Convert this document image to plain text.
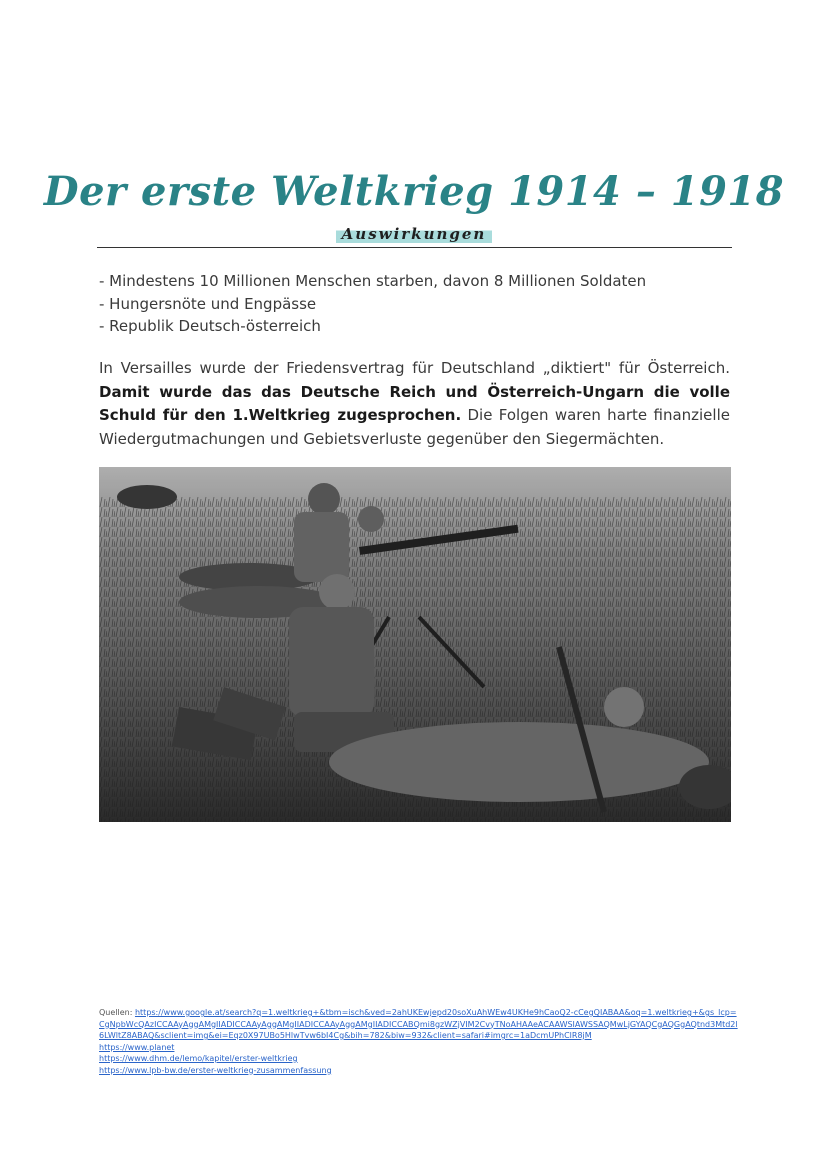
Der erste Weltkrieg 1914 – 1918
Auswirkungen
- Mindestens 10 Millionen Menschen starben, davon 8 Millionen Soldaten
- Hungersnöte und Engpässe
- Republik Deutsch-österreich

In Versailles wurde der Friedensvertrag für Deutschland „diktiert" für Österreich. Damit wurde das das Deutsche Reich und Österreich-Ungarn die volle Schuld für den 1.Weltkrieg zugesprochen. Die Folgen waren harte finanzielle Wiedergutmachungen und Gebietsverluste gegenüber den Siegermächten.

Quellen: https://www.google.at/search?q=1.weltkrieg+&tbm=isch&ved=2ahUKEwjepd20soXuAhWEw4UKHe9hCaoQ2-cCegQIABAA&oq=1.weltkrieg+&gs_lcp=CgNpbWcQAzICCAAyAggAMgIIADICCAAyAggAMgIIADICCAAyAggAMgIIADICCABQmi8gzWZjVIM2CvyTNoAHAAeACAAWSIAWSSAQMwLjGYAQCgAQGgAQtnd3Mtd2l6LWltZ8ABAQ&sclient=img&ei=Eqz0X97UBo5HlwTvw6bI4Cg&bih=782&biw=932&client=safari#imgrc=1aDcmUPhClR8jM
https://www.planet
https://www.dhm.de/lemo/kapitel/erster-weltkrieg
https://www.lpb-bw.de/erster-weltkrieg-zusammenfassung
